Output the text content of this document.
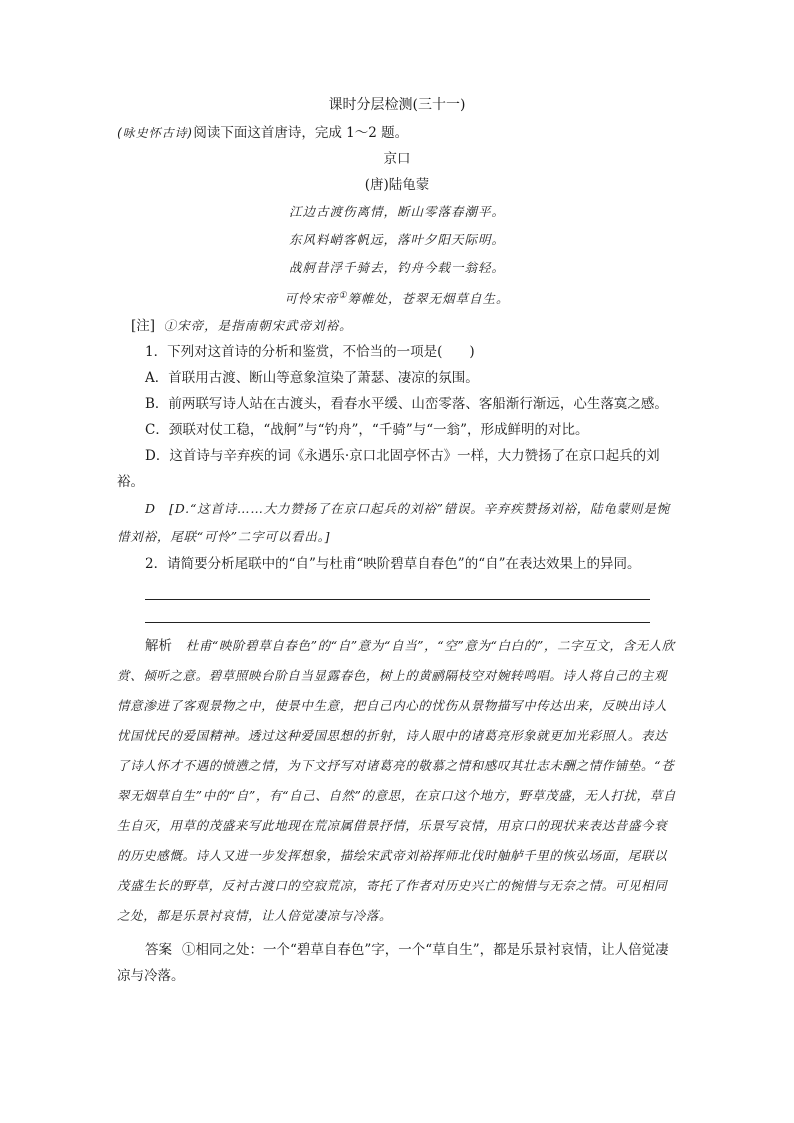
课时分层检测(三十一)

(咏史怀古诗)阅读下面这首唐诗，完成 1～2 题。

京口

(唐)陆龟蒙

江边古渡伤离情，断山零落春潮平。

东风料峭客帆远，落叶夕阳天际明。

战舸昔浮千骑去，钓舟今载一翁轻。

可怜宋帝①筹帷处，苍翠无烟草自生。

[注] ①宋帝，是指南朝宋武帝刘裕。

1．下列对这首诗的分析和鉴赏，不恰当的一项是(　　)

A．首联用古渡、断山等意象渲染了萧瑟、凄凉的氛围。

B．前两联写诗人站在古渡头，看春水平缓、山峦零落、客船渐行渐远，心生落寞之感。

C．颈联对仗工稳，“战舸”与“钓舟”，“千骑”与“一翁”，形成鲜明的对比。

D．这首诗与辛弃疾的词《永遇乐·京口北固亭怀古》一样，大力赞扬了在京口起兵的刘裕。

D　[D.“这首诗……大力赞扬了在京口起兵的刘裕”错误。辛弃疾赞扬刘裕，陆龟蒙则是惋惜刘裕，尾联“可怜”二字可以看出。]

2．请简要分析尾联中的“自”与杜甫“映阶碧草自春色”的“自”在表达效果上的异同。

解析 杜甫“映阶碧草自春色”的“自”意为“自当”，“空”意为“白白的”，二字互文，含无人欣赏、倾听之意。碧草照映台阶自当显露春色，树上的黄鹂隔枝空对婉转鸣唱。诗人将自己的主观情意渗进了客观景物之中，使景中生意，把自己内心的忧伤从景物描写中传达出来，反映出诗人忧国忧民的爱国精神。透过这种爱国思想的折射，诗人眼中的诸葛亮形象就更加光彩照人。表达了诗人怀才不遇的愤懑之情，为下文抒写对诸葛亮的敬慕之情和感叹其壮志未酬之情作铺垫。“苍翠无烟草自生”中的“自”，有“自己、自然”的意思，在京口这个地方，野草茂盛，无人打扰，草自生自灭，用草的茂盛来写此地现在荒凉属借景抒情，乐景写哀情，用京口的现状来表达昔盛今衰的历史感慨。诗人又进一步发挥想象，描绘宋武帝刘裕挥师北伐时舳舻千里的恢弘场面，尾联以茂盛生长的野草，反衬古渡口的空寂荒凉，寄托了作者对历史兴亡的惋惜与无奈之情。可见相同之处，都是乐景衬哀情，让人倍觉凄凉与冷落。

答案 ①相同之处：一个“碧草自春色”字，一个“草自生”，都是乐景衬哀情，让人倍觉凄凉与冷落。
